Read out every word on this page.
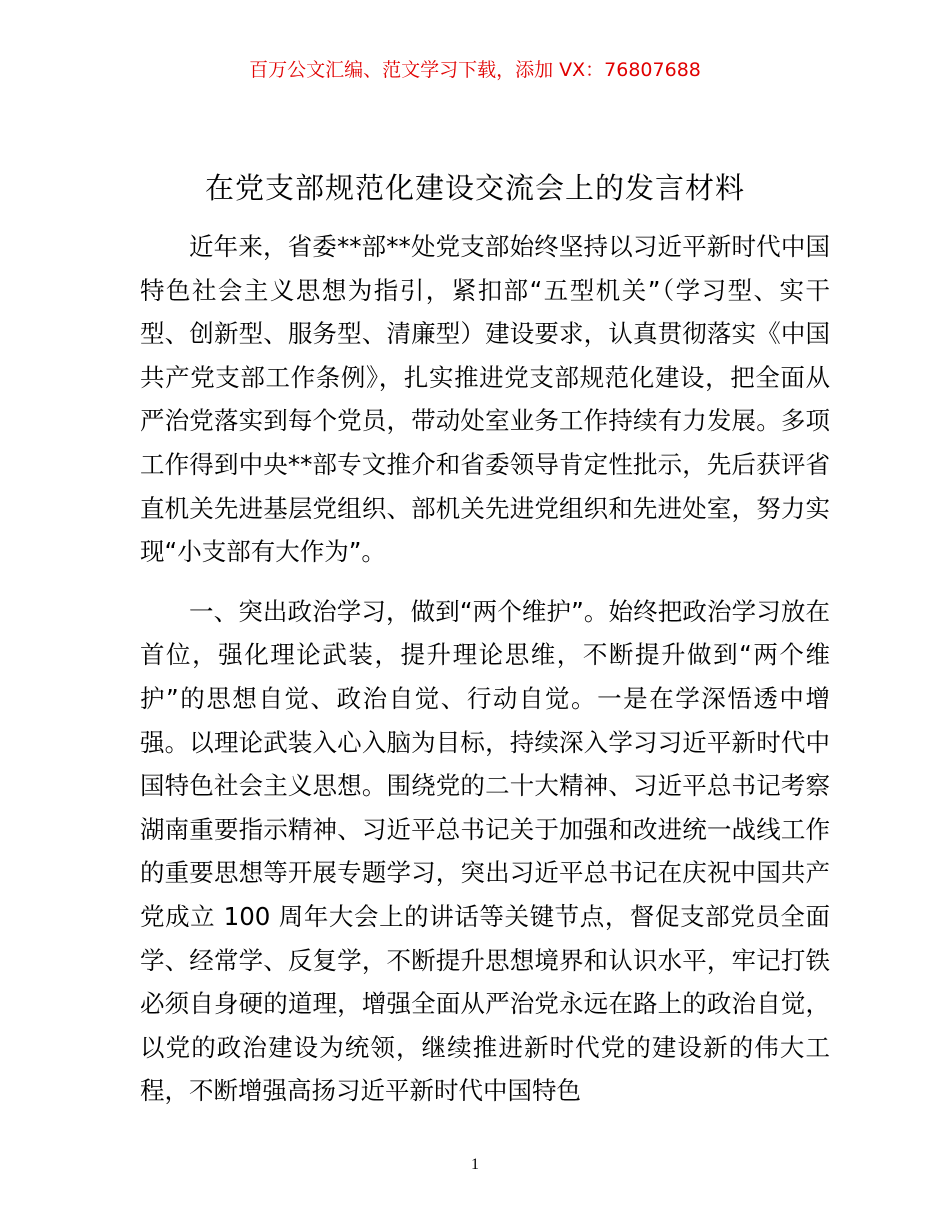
百万公文汇编、范文学习下载，添加 VX：76807688
在党支部规范化建设交流会上的发言材料

近年来，省委**部**处党支部始终坚持以习近平新时代中国特色社会主义思想为指引，紧扣部“五型机关”（学习型、实干型、创新型、服务型、清廉型）建设要求，认真贯彻落实《中国共产党支部工作条例》，扎实推进党支部规范化建设，把全面从严治党落实到每个党员，带动处室业务工作持续有力发展。多项工作得到中央**部专文推介和省委领导肯定性批示，先后获评省直机关先进基层党组织、部机关先进党组织和先进处室，努力实现“小支部有大作为”。

一、突出政治学习，做到“两个维护”。始终把政治学习放在首位，强化理论武装，提升理论思维，不断提升做到“两个维护”的思想自觉、政治自觉、行动自觉。一是在学深悟透中增强。以理论武装入心入脑为目标，持续深入学习习近平新时代中国特色社会主义思想。围绕党的二十大精神、习近平总书记考察湖南重要指示精神、习近平总书记关于加强和改进统一战线工作的重要思想等开展专题学习，突出习近平总书记在庆祝中国共产党成立 100 周年大会上的讲话等关键节点，督促支部党员全面学、经常学、反复学，不断提升思想境界和认识水平，牢记打铁必须自身硬的道理，增强全面从严治党永远在路上的政治自觉，以党的政治建设为统领，继续推进新时代党的建设新的伟大工程，不断增强高扬习近平新时代中国特色

1
